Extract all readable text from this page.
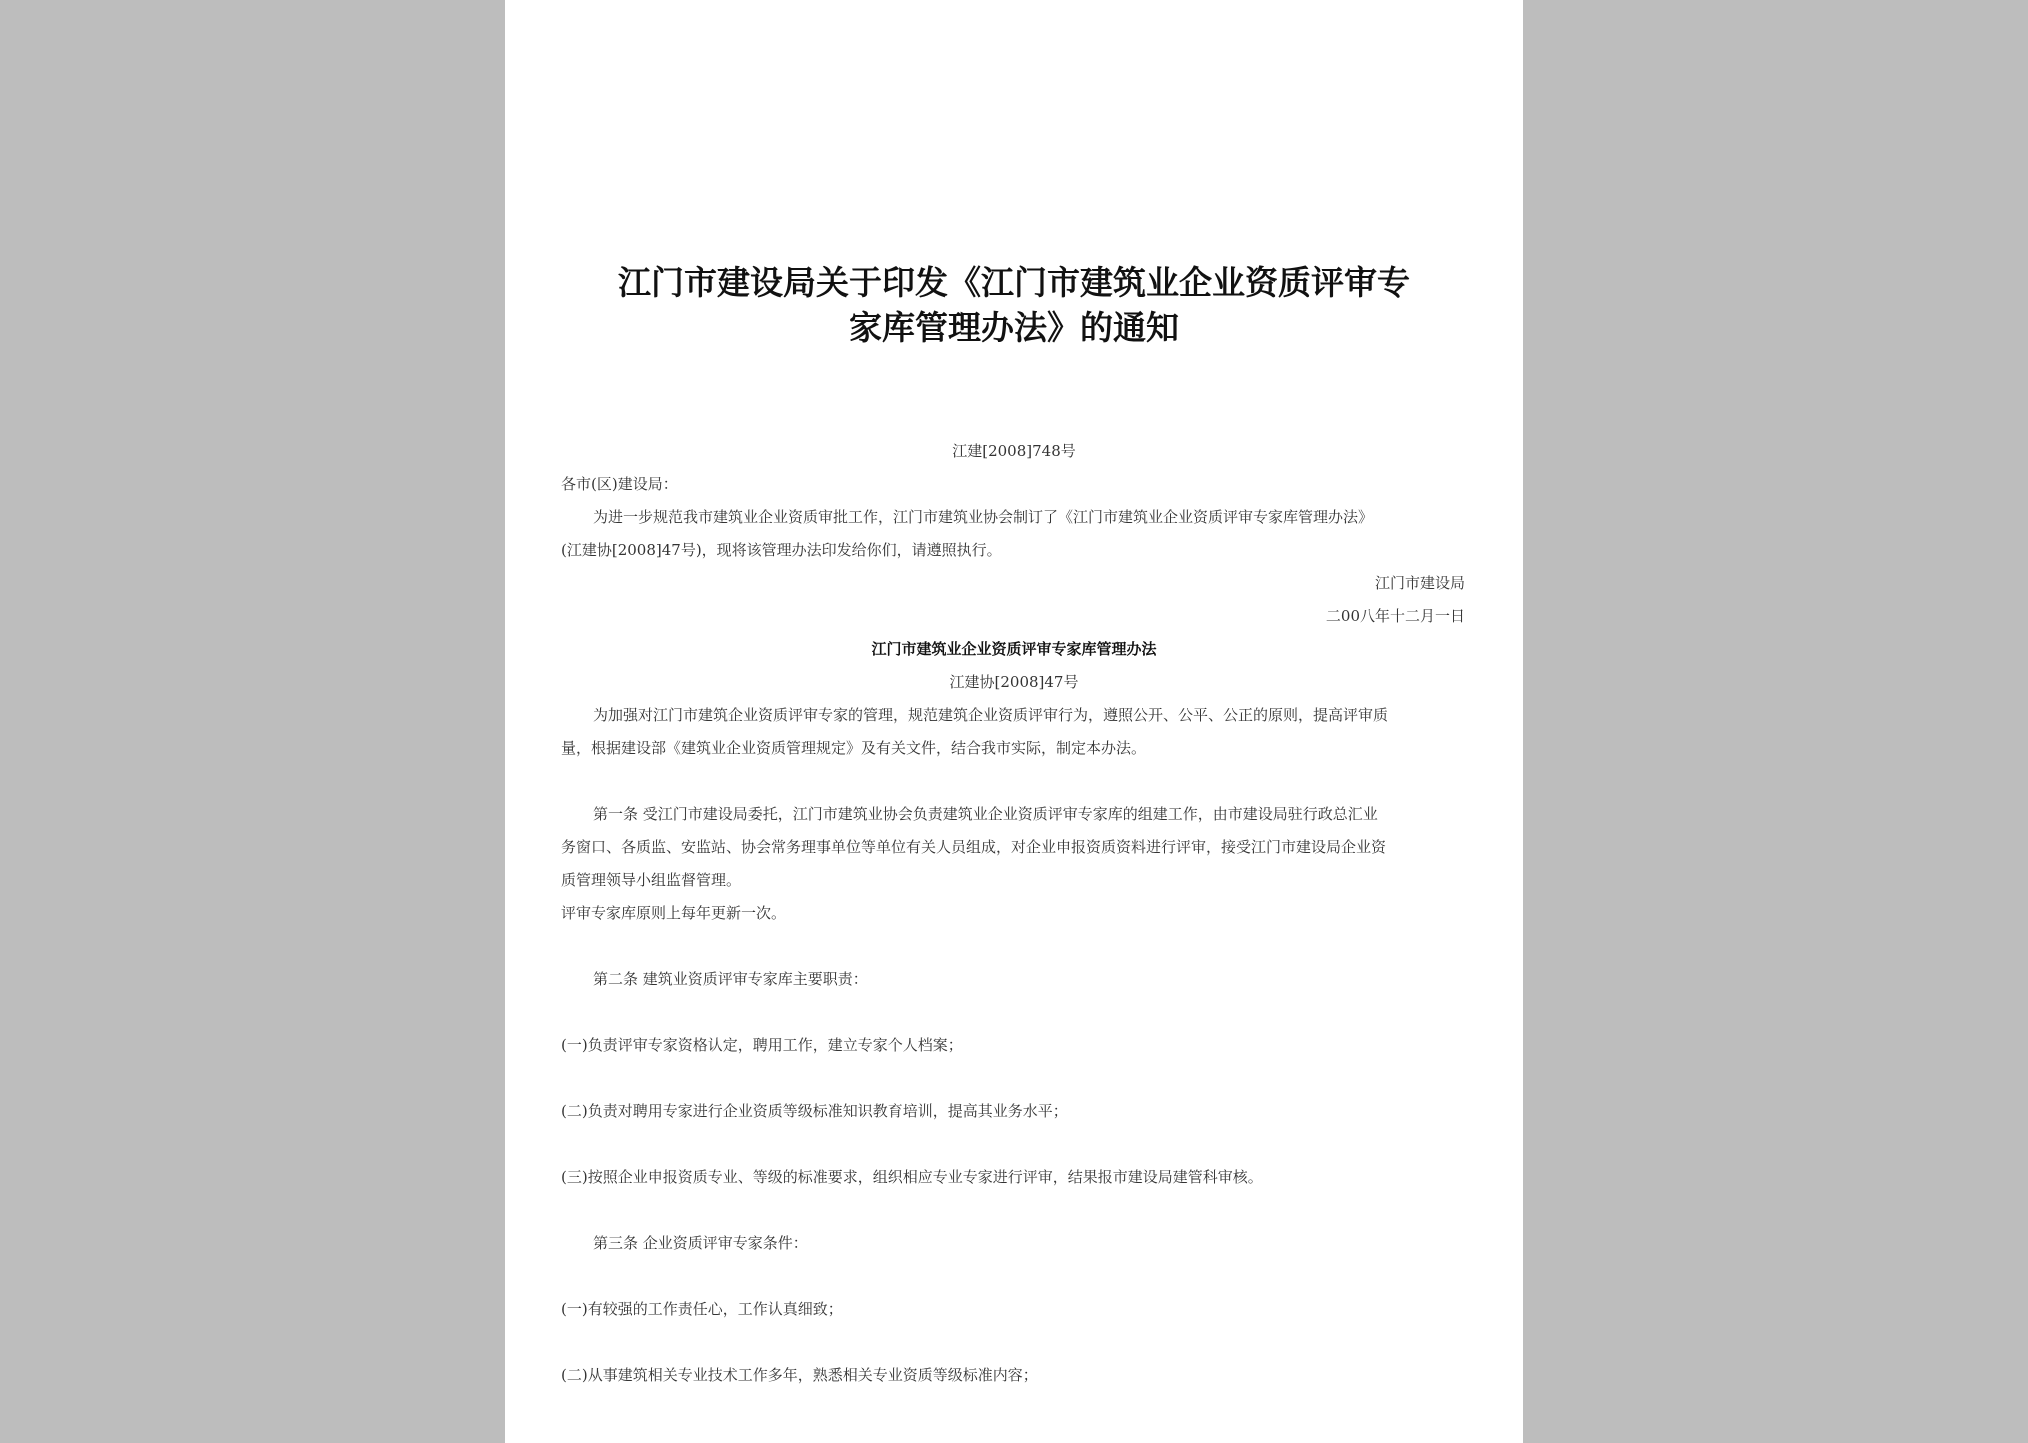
江门市建设局关于印发《江门市建筑业企业资质评审专
家库管理办法》的通知
江建[2008]748号
各市(区)建设局：
为进一步规范我市建筑业企业资质审批工作，江门市建筑业协会制订了《江门市建筑业企业资质评审专家库管理办法》
(江建协[2008]47号)，现将该管理办法印发给你们，请遵照执行。
江门市建设局
二00八年十二月一日
江门市建筑业企业资质评审专家库管理办法
江建协[2008]47号
为加强对江门市建筑企业资质评审专家的管理，规范建筑企业资质评审行为，遵照公开、公平、公正的原则，提高评审质
量，根据建设部《建筑业企业资质管理规定》及有关文件，结合我市实际，制定本办法。
第一条 受江门市建设局委托，江门市建筑业协会负责建筑业企业资质评审专家库的组建工作，由市建设局驻行政总汇业
务窗口、各质监、安监站、协会常务理事单位等单位有关人员组成，对企业申报资质资料进行评审，接受江门市建设局企业资
质管理领导小组监督管理。
评审专家库原则上每年更新一次。
第二条 建筑业资质评审专家库主要职责：
(一)负责评审专家资格认定，聘用工作，建立专家个人档案；
(二)负责对聘用专家进行企业资质等级标准知识教育培训，提高其业务水平；
(三)按照企业申报资质专业、等级的标准要求，组织相应专业专家进行评审，结果报市建设局建管科审核。
第三条 企业资质评审专家条件：
(一)有较强的工作责任心，工作认真细致；
(二)从事建筑相关专业技术工作多年，熟悉相关专业资质等级标准内容；
